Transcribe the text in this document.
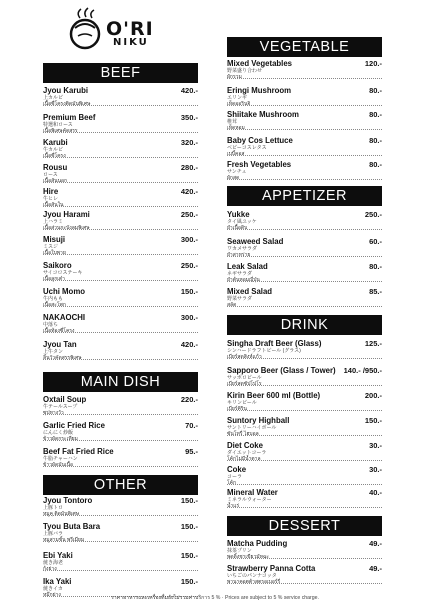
O'RI
NIKU
BEEF
Jyou Karubi	420.-
上カルビ
เนื้อซี่โครงติดมันพิเศษ
Premium Beef	350.-
特選和ロース
เนื้อพิเศษคัดสรร
Karubi	320.-
牛カルビ
เนื้อซี่โครง
Rousu	280.-
ロース
เนื้อสันนอก
Hire	420.-
牛ヒレ
เนื้อสันใน
Jyou Harami	250.-
上ハラミ
เนื้อส่วนกะบังลมพิเศษ
Misuji	300.-
ミスジ
เนื้อใบพาย
Saikoro	250.-
サイコロステーキ
เนื้อลูกเต๋า
Uchi Momo	150.-
牛内もも
เนื้อสะโพก
NAKAOCHI	300.-
中落ち
เนื้อท้องซี่โครง
Jyou Tan	420.-
上牛タン
ลิ้นวัวคัดสรรพิเศษ
MAIN DISH
Oxtail Soup	220.-
牛テールスープ
ซุปหางวัว
Garlic Fried Rice	70.-
にんにく炒飯
ข้าวผัดกระเทียม
Beef Fat Fried Rice	95.-
牛脂チャーハン
ข้าวผัดมันเนื้อ
OTHER
Jyou Tontoro	150.-
上豚トロ
หมูคุ ติดมันพิเศษ
Tyou Buta Bara	150.-
上豚バラ
หมูสามชั้น พรีเมียม
Ebi Yaki	150.-
焼き海老
กุ้งย่าง
Ika Yaki	150.-
焼きイカ
หมึกย่าง
VEGETABLE
Mixed Vegetables	120.-
野菜盛り合わせ
ผักรวม
Eringi Mushroom	80.-
エリンギ
เห็ดออรินจิ
Shiitake Mushroom	80.-
椎茸
เห็ดหอม
Baby Cos Lettuce	80.-
ベビーコスレタス
เบบี้คอส
Fresh Vegetables	80.-
サンチュ
ผักสด
APPETIZER
Yukke	250.-
タイ風ユッケ
ยำเนื้อดิบ
Seaweed Salad	60.-
ワカメサラダ
ยำสาหร่าย
Leak Salad	80.-
ネギサラダ
ยำต้นหอมญี่ปุ่น
Mixed Salad	85.-
野菜サラダ
สลัด
DRINK
Singha Draft Beer (Glass)	125.-
シンハードラフトビール (グラス)
เบียร์สดสิงห์แก้ว
Sapporo Beer (Glass / Tower)	140.- /950.-
サッポロビール
เบียร์สดซัปโปโร
Kirin Beer 600 ml (Bottle)	200.-
キリンビール
เบียร์คิริน
Suntory Highball	150.-
サントリーハイボール
ซันโทรี่ ไฮบอล
Diet Coke	30.-
ダイエットコーラ
โค้กไม่มีน้ำตาล
Coke	30.-
コーラ
โค้ก
Mineral Water	40.-
ミネラルウォーター
น้ำแร่
DESSERT
Matcha Pudding	49.-
抹茶プリン
พุดดิ้งชาเขียวมัทฉะ
Strawberry Panna Cotta	49.-
いちごのパンナコッタ
พานาคอตต้าสตรอเบอร์รี่
ราคาอาหารและเครื่องดื่มยังไม่รวมค่าบริการ 5 % · Prices are subject to 5 % service charge.
